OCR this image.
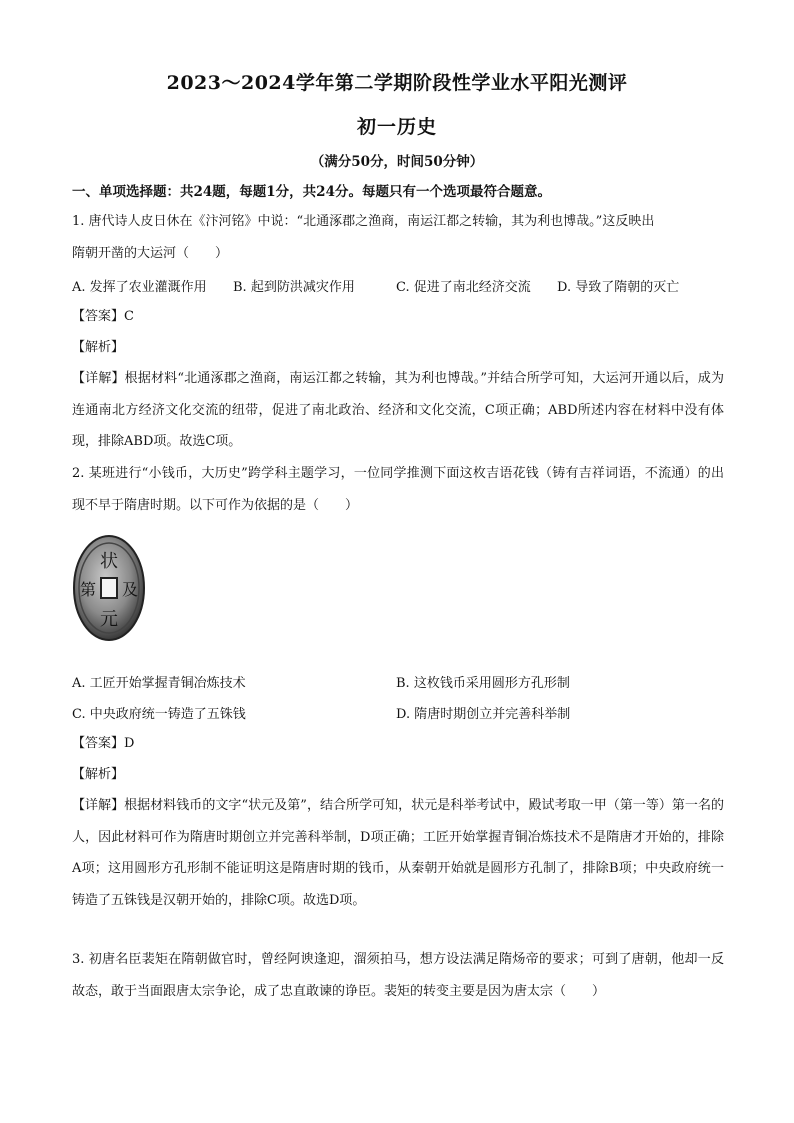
2023～2024学年第二学期阶段性学业水平阳光测评
初一历史
（满分50分，时间50分钟）
一、单项选择题：共24题，每题1分，共24分。每题只有一个选项最符合题意。
1. 唐代诗人皮日休在《汴河铭》中说：“北通涿郡之渔商，南运江都之转输，其为利也博哉。”这反映出
隋朝开凿的大运河（　　）
A. 发挥了农业灌溉作用 B. 起到防洪减灾作用	C. 促进了南北经济交流 D. 导致了隋朝的灭亡
【答案】C
【解析】
【详解】根据材料“北通涿郡之渔商，南运江都之转输，其为利也博哉。”并结合所学可知，大运河开通以后，成为连通南北方经济文化交流的纽带，促进了南北政治、经济和文化交流，C项正确；ABD所述内容在材料中没有体现，排除ABD项。故选C项。
2. 某班进行“小钱币，大历史”跨学科主题学习，一位同学推测下面这枚吉语花钱（铸有吉祥词语，不流通）的出现不早于隋唐时期。以下可作为依据的是（　　）
状
元
及
第
A. 工匠开始掌握青铜冶炼技术	B. 这枚钱币采用圆形方孔形制
C. 中央政府统一铸造了五铢钱	D. 隋唐时期创立并完善科举制
【答案】D
【解析】
【详解】根据材料钱币的文字“状元及第”，结合所学可知，状元是科举考试中，殿试考取一甲（第一等）第一名的人，因此材料可作为隋唐时期创立并完善科举制，D项正确；工匠开始掌握青铜冶炼技术不是隋唐才开始的，排除A项；这用圆形方孔形制不能证明这是隋唐时期的钱币，从秦朝开始就是圆形方孔制了，排除B项；中央政府统一铸造了五铢钱是汉朝开始的，排除C项。故选D项。
3. 初唐名臣裴矩在隋朝做官时，曾经阿谀逢迎，溜须拍马，想方设法满足隋炀帝的要求；可到了唐朝，他却一反故态，敢于当面跟唐太宗争论，成了忠直敢谏的诤臣。裴矩的转变主要是因为唐太宗（　　）
